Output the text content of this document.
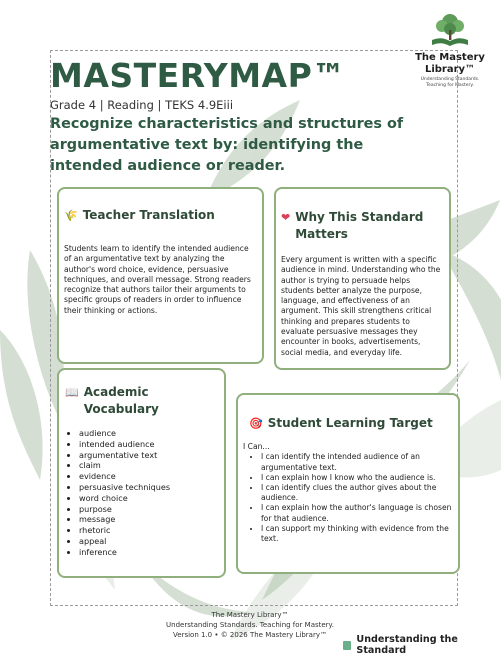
The Mastery
Library™
Understanding Standards.
Teaching for Mastery.
MASTERYMAP™
Grade 4 | Reading | TEKS 4.9Eiii
Recognize characteristics and structures of argumentative text by: identifying the intended audience or reader.
🌾 Teacher Translation
Students learn to identify the intended audience of an argumentative text by analyzing the author's word choice, evidence, persuasive techniques, and overall message. Strong readers recognize that authors tailor their arguments to specific groups of readers in order to influence their thinking or actions.
❤ Why This Standard Matters
Every argument is written with a specific audience in mind. Understanding who the author is trying to persuade helps students better analyze the purpose, language, and effectiveness of an argument. This skill strengthens critical thinking and prepares students to evaluate persuasive messages they encounter in books, advertisements, social media, and everyday life.
📖 Academic Vocabulary
• audience
• intended audience
• argumentative text
• claim
• evidence
• persuasive techniques
• word choice
• purpose
• message
• rhetoric
• appeal
• inference
🎯 Student Learning Target
I Can...
• I can identify the intended audience of an argumentative text.
• I can explain how I know who the audience is.
• I can identify clues the author gives about the audience.
• I can explain how the author's language is chosen for that audience.
• I can support my thinking with evidence from the text.
The Mastery Library™
Understanding Standards. Teaching for Mastery.
Version 1.0 • © 2026 The Mastery Library™	Understanding the Standard
